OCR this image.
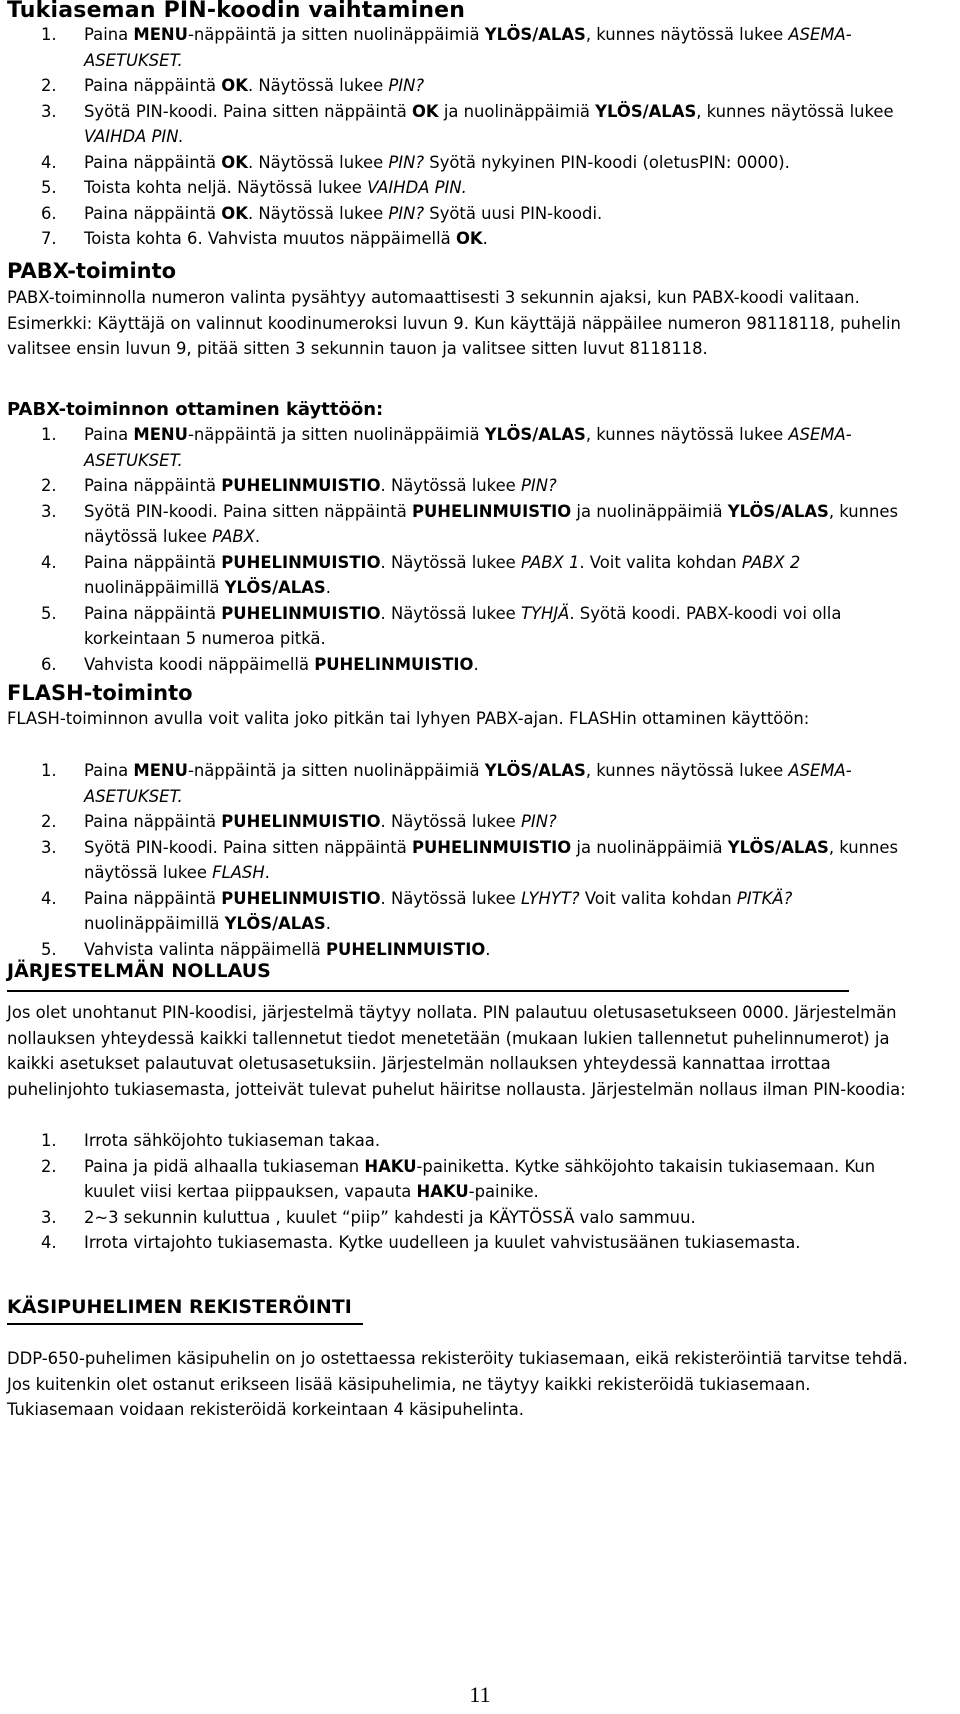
Tukiaseman PIN-koodin vaihtaminen
1. Paina MENU-näppäintä ja sitten nuolinäppäimiä YLÖS/ALAS, kunnes näytössä lukee ASEMA-ASETUKSET.
2. Paina näppäintä OK. Näytössä lukee PIN?
3. Syötä PIN-koodi. Paina sitten näppäintä OK ja nuolinäppäimiä YLÖS/ALAS, kunnes näytössä lukee VAIHDA PIN.
4. Paina näppäintä OK. Näytössä lukee PIN? Syötä nykyinen PIN-koodi (oletusPIN: 0000).
5. Toista kohta neljä. Näytössä lukee VAIHDA PIN.
6. Paina näppäintä OK. Näytössä lukee PIN? Syötä uusi PIN-koodi.
7. Toista kohta 6. Vahvista muutos näppäimellä OK.
PABX-toiminto
PABX-toiminnolla numeron valinta pysähtyy automaattisesti 3 sekunnin ajaksi, kun PABX-koodi valitaan. Esimerkki: Käyttäjä on valinnut koodinumeroksi luvun 9. Kun käyttäjä näppäilee numeron 98118118, puhelin valitsee ensin luvun 9, pitää sitten 3 sekunnin tauon ja valitsee sitten luvut 8118118.
PABX-toiminnon ottaminen käyttöön:
1. Paina MENU-näppäintä ja sitten nuolinäppäimiä YLÖS/ALAS, kunnes näytössä lukee ASEMA-ASETUKSET.
2. Paina näppäintä PUHELINMUISTIO. Näytössä lukee PIN?
3. Syötä PIN-koodi. Paina sitten näppäintä PUHELINMUISTIO ja nuolinäppäimiä YLÖS/ALAS, kunnes näytössä lukee PABX.
4. Paina näppäintä PUHELINMUISTIO. Näytössä lukee PABX 1. Voit valita kohdan PABX 2 nuolinäppäimillä YLÖS/ALAS.
5. Paina näppäintä PUHELINMUISTIO. Näytössä lukee TYHJÄ. Syötä koodi. PABX-koodi voi olla korkeintaan 5 numeroa pitkä.
6. Vahvista koodi näppäimellä PUHELINMUISTIO.
FLASH-toiminto
FLASH-toiminnon avulla voit valita joko pitkän tai lyhyen PABX-ajan. FLASHin ottaminen käyttöön:
1. Paina MENU-näppäintä ja sitten nuolinäppäimiä YLÖS/ALAS, kunnes näytössä lukee ASEMA-ASETUKSET.
2. Paina näppäintä PUHELINMUISTIO. Näytössä lukee PIN?
3. Syötä PIN-koodi. Paina sitten näppäintä PUHELINMUISTIO ja nuolinäppäimiä YLÖS/ALAS, kunnes näytössä lukee FLASH.
4. Paina näppäintä PUHELINMUISTIO. Näytössä lukee LYHYT? Voit valita kohdan PITKÄ? nuolinäppäimillä YLÖS/ALAS.
5. Vahvista valinta näppäimellä PUHELINMUISTIO.
JÄRJESTELMÄN NOLLAUS
Jos olet unohtanut PIN-koodisi, järjestelmä täytyy nollata. PIN palautuu oletusasetukseen 0000. Järjestelmän nollauksen yhteydessä kaikki tallennetut tiedot menetetään (mukaan lukien tallennetut puhelinnumerot) ja kaikki asetukset palautuvat oletusasetuksiin. Järjestelmän nollauksen yhteydessä kannattaa irrottaa puhelinjohto tukiasemasta, jotteivät tulevat puhelut häiritse nollausta. Järjestelmän nollaus ilman PIN-koodia:
1. Irrota sähköjohto tukiaseman takaa.
2. Paina ja pidä alhaalla tukiaseman HAKU-painiketta. Kytke sähköjohto takaisin tukiasemaan. Kun kuulet viisi kertaa piippauksen, vapauta HAKU-painike.
3. 2~3 sekunnin kuluttua , kuulet “piip” kahdesti ja KÄYTÖSSÄ valo sammuu.
4. Irrota virtajohto tukiasemasta. Kytke uudelleen ja kuulet vahvistusäänen tukiasemasta.
KÄSIPUHELIMEN REKISTERÖINTI
DDP-650-puhelimen käsipuhelin on jo ostettaessa rekisteröity tukiasemaan, eikä rekisteröintiä tarvitse tehdä. Jos kuitenkin olet ostanut erikseen lisää käsipuhelimia, ne täytyy kaikki rekisteröidä tukiasemaan. Tukiasemaan voidaan rekisteröidä korkeintaan 4 käsipuhelinta.
11
